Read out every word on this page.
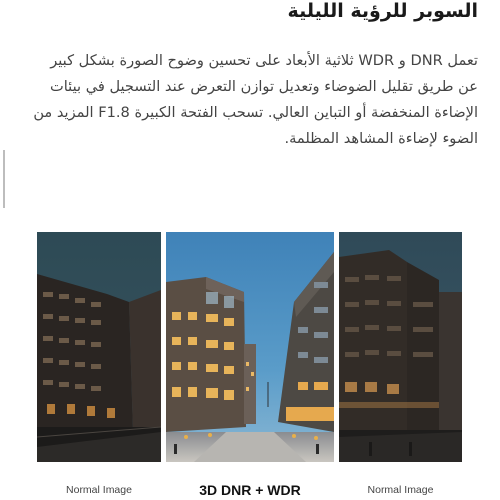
السوبر للرؤية الليلية
تعمل DNR و WDR ثلاثية الأبعاد على تحسين وضوح الصورة بشكل كبير عن طريق تقليل الضوضاء وتعديل توازن التعرض عند التسجيل في بيئات الإضاءة المنخفضة أو التباين العالي. تسحب الفتحة الكبيرة F1.8 المزيد من الضوء لإضاءة المشاهد المظلمة.
Normal Image	3D DNR + WDR	Normal Image
